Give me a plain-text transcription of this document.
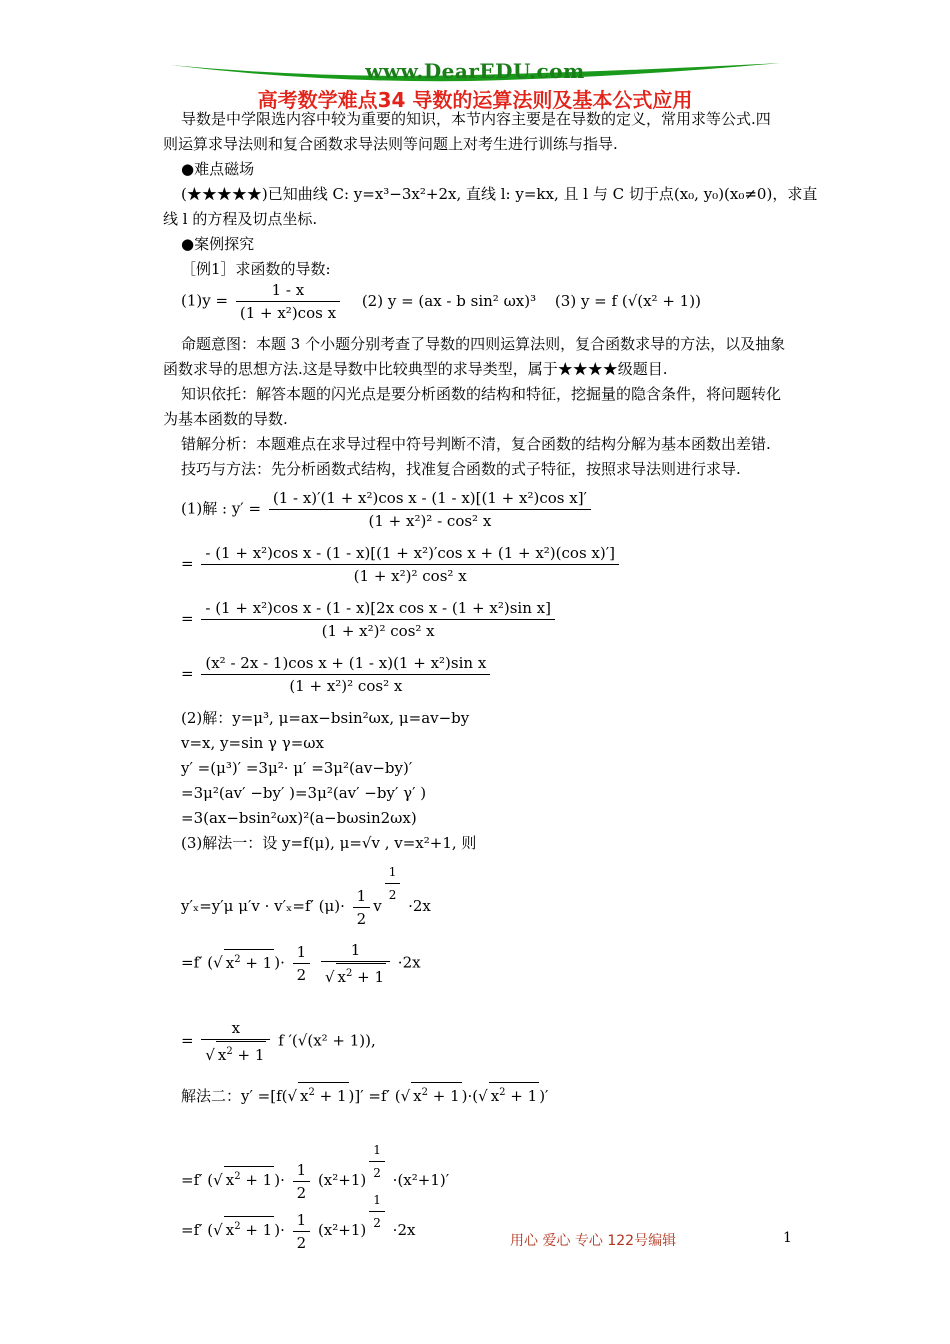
www.DearEDU.com
高考数学难点34 导数的运算法则及基本公式应用
导数是中学限选内容中较为重要的知识，本节内容主要是在导数的定义，常用求等公式.四
则运算求导法则和复合函数求导法则等问题上对考生进行训练与指导.
●难点磁场
(★★★★★)已知曲线 C: y=x³−3x²+2x, 直线 l: y=kx, 且 l 与 C 切于点(x₀, y₀)(x₀≠0)，求直
线 l 的方程及切点坐标.
●案例探究
［例1］求函数的导数:
$(1)y = \frac{1 - x}{\text{(1 + x²)cos x}} (2) y = (ax - b$ sin² ωx)³ (3) y = f (√(x² + 1))
命题意图：本题 3 个小题分别考查了导数的四则运算法则，复合函数求导的方法，以及抽象
函数求导的思想方法.这是导数中比较典型的求导类型，属于★★★★级题目.
知识依托：解答本题的闪光点是要分析函数的结构和特征，挖掘量的隐含条件，将问题转化
为基本函数的导数.
错解分析：本题难点在求导过程中符号判断不清，复合函数的结构分解为基本函数出差错.
技巧与方法：先分析函数式结构，找准复合函数的式子特征，按照求导法则进行求导.
(1)解 : $y' = \frac{\text{(1 - x)′(1 + x²)cos x - (1 - x)[(1 + x²)cos x]′}}{\text{(1 + x²)² - cos² x}}$
= $\frac{\text{- (1 + x²)cos x - (1 - x)[(1 + x²)′cos x + (1 + x²)(cos x)′]}}{\text{(1 + x²)² cos² x}}$
= $\frac{\text{- (1 + x²)cos x - (1 - x)[2x cos x - (1 + x²)sin x]}}{\text{(1 + x²)² cos² x}}$
= $\frac{\text{(x² - 2x - 1)cos x + (1 - x)(1 + x²)sin x}}{\text{(1 + x²)² cos² x}}$
(2)解：y=μ³, μ=ax−bsin²ωx, μ=av−by
v=x, y=sin γ γ=ωx
y′ =(μ³)′ =3μ²· μ′ =3μ²(av−by)′
=3μ²(av′ −by′ )=3μ²(av′ −by′ γ′ )
=3(ax−bsin²ωx)²(a−bωsin2ωx)
(3)解法一：设 y=f(μ), μ=√v , v=x²+1, 则
y′ₓ=y′μ μ′v · v′ₓ=f′ $(\mu)\cdot \frac{1}{2}$ v
$\frac{1}{2}$
·2x
=f′ (√ $x^2 + 1$ )· $\frac{1}{2}$
$\frac{1}{√ x^2 + 1} \cdot 2x$
= $\frac{x}{√ x^2 + 1}$ f ′(√(x² + 1)),
解法二：y′ =[f(√ $x^2 + 1$ )]′ =f′ (√ $x^2 + 1$ )·(√ $x^2 + 1$ )′
=f′ (√ $x^2 + 1$ )· $\frac{1}{2} (x^2+1) \frac{1}{2} \cdot(x^2+1)'$
=f′ (√ $x^2 + 1$ )· $\frac{1}{2} (x^2+1) \frac{1}{2} \cdot 2x$
用心 爱心 专心 122号编辑	1
